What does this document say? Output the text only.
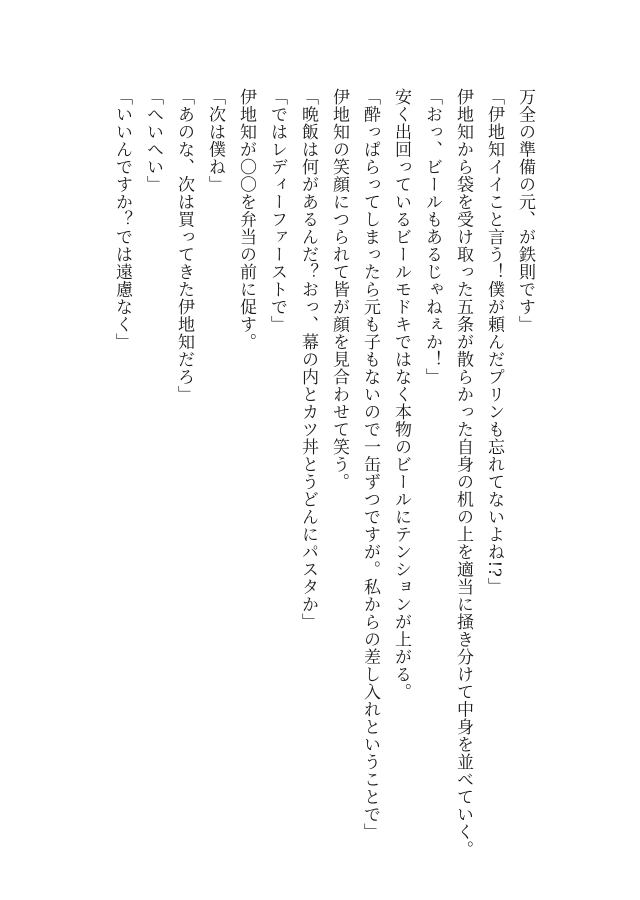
万全の準備の元、が鉄則です」
「伊地知イイこと言う！僕が頼んだプリンも忘れてないよね!?」
伊地知から袋を受け取った五条が散らかった自身の机の上を適当に掻き分けて中身を並べていく。
「おっ、ビールもあるじゃねぇか！」
安く出回っているビールモドキではなく本物のビールにテンションが上がる。
「酔っぱらってしまったら元も子もないので一缶ずつですが。私からの差し入れということで」
伊地知の笑顔につられて皆が顔を見合わせて笑う。
「晩飯は何があるんだ？おっ、幕の内とカツ丼とうどんにパスタか」
「ではレディーファーストで」
伊地知が〇〇を弁当の前に促す。
「次は僕ね」
「あのな、次は買ってきた伊地知だろ」
「へいへい」
「いいんですか？では遠慮なく」
